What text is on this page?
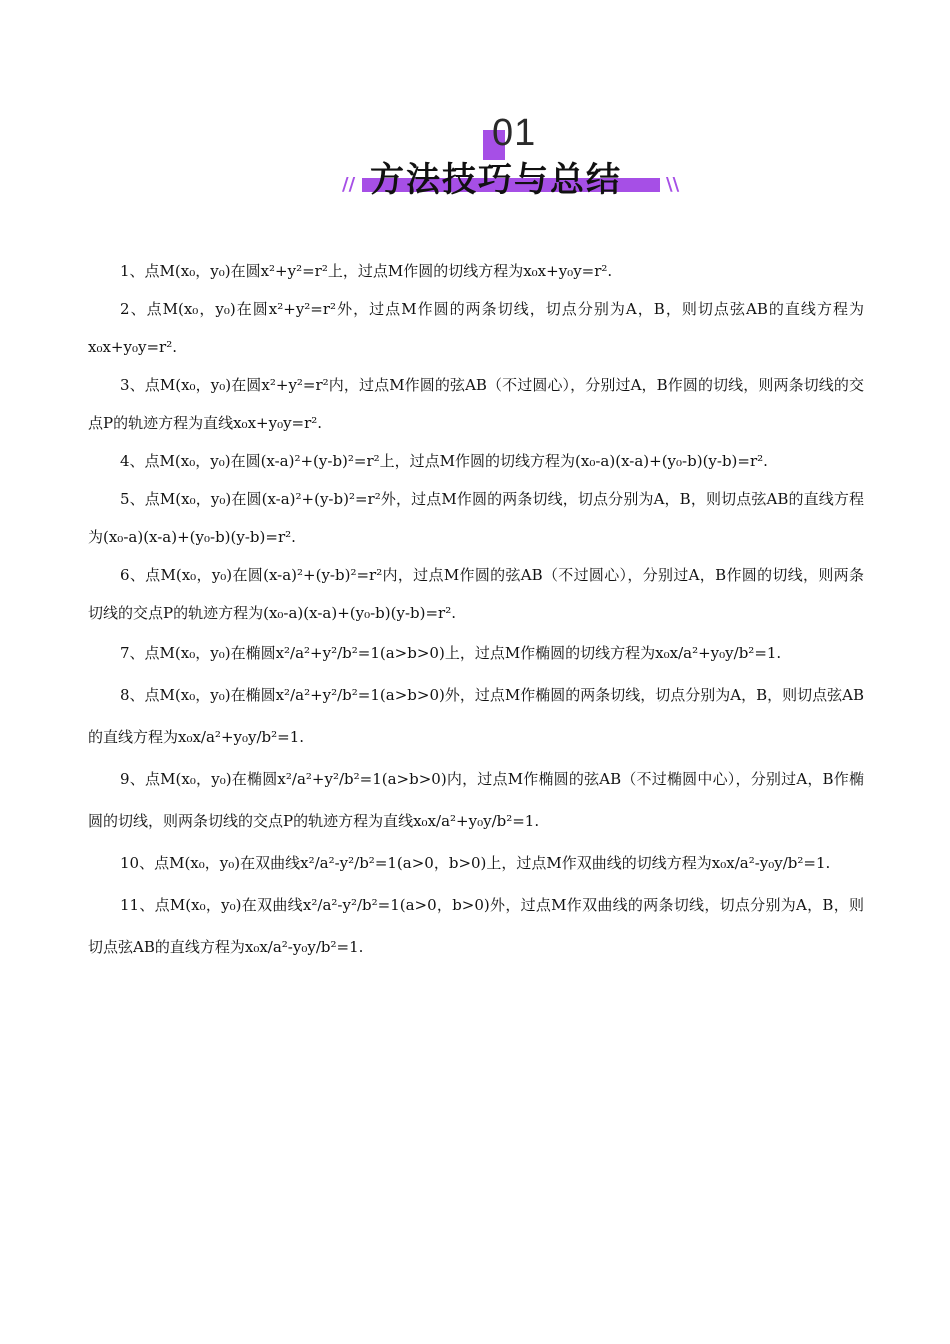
01
方法技巧与总结
//	\\

1、点M(x₀，y₀)在圆x²+y²=r²上，过点M作圆的切线方程为x₀x+y₀y=r².

2、点M(x₀，y₀)在圆x²+y²=r²外，过点M作圆的两条切线，切点分别为A，B，则切点弦AB的直线方程为x₀x+y₀y=r².

3、点M(x₀，y₀)在圆x²+y²=r²内，过点M作圆的弦AB（不过圆心），分别过A，B作圆的切线，则两条切线的交点P的轨迹方程为直线x₀x+y₀y=r².

4、点M(x₀，y₀)在圆(x-a)²+(y-b)²=r²上，过点M作圆的切线方程为(x₀-a)(x-a)+(y₀-b)(y-b)=r².

5、点M(x₀，y₀)在圆(x-a)²+(y-b)²=r²外，过点M作圆的两条切线，切点分别为A，B，则切点弦AB的直线方程为(x₀-a)(x-a)+(y₀-b)(y-b)=r².

6、点M(x₀，y₀)在圆(x-a)²+(y-b)²=r²内，过点M作圆的弦AB（不过圆心），分别过A，B作圆的切线，则两条切线的交点P的轨迹方程为(x₀-a)(x-a)+(y₀-b)(y-b)=r².

7、点M(x₀，y₀)在椭圆x²/a²+y²/b²=1(a>b>0)上，过点M作椭圆的切线方程为x₀x/a²+y₀y/b²=1.

8、点M(x₀，y₀)在椭圆x²/a²+y²/b²=1(a>b>0)外，过点M作椭圆的两条切线，切点分别为A，B，则切点弦AB的直线方程为x₀x/a²+y₀y/b²=1.

9、点M(x₀，y₀)在椭圆x²/a²+y²/b²=1(a>b>0)内，过点M作椭圆的弦AB（不过椭圆中心），分别过A，B作椭圆的切线，则两条切线的交点P的轨迹方程为直线x₀x/a²+y₀y/b²=1.

10、点M(x₀，y₀)在双曲线x²/a²-y²/b²=1(a>0，b>0)上，过点M作双曲线的切线方程为x₀x/a²-y₀y/b²=1.

11、点M(x₀，y₀)在双曲线x²/a²-y²/b²=1(a>0，b>0)外，过点M作双曲线的两条切线，切点分别为A，B，则切点弦AB的直线方程为x₀x/a²-y₀y/b²=1.
